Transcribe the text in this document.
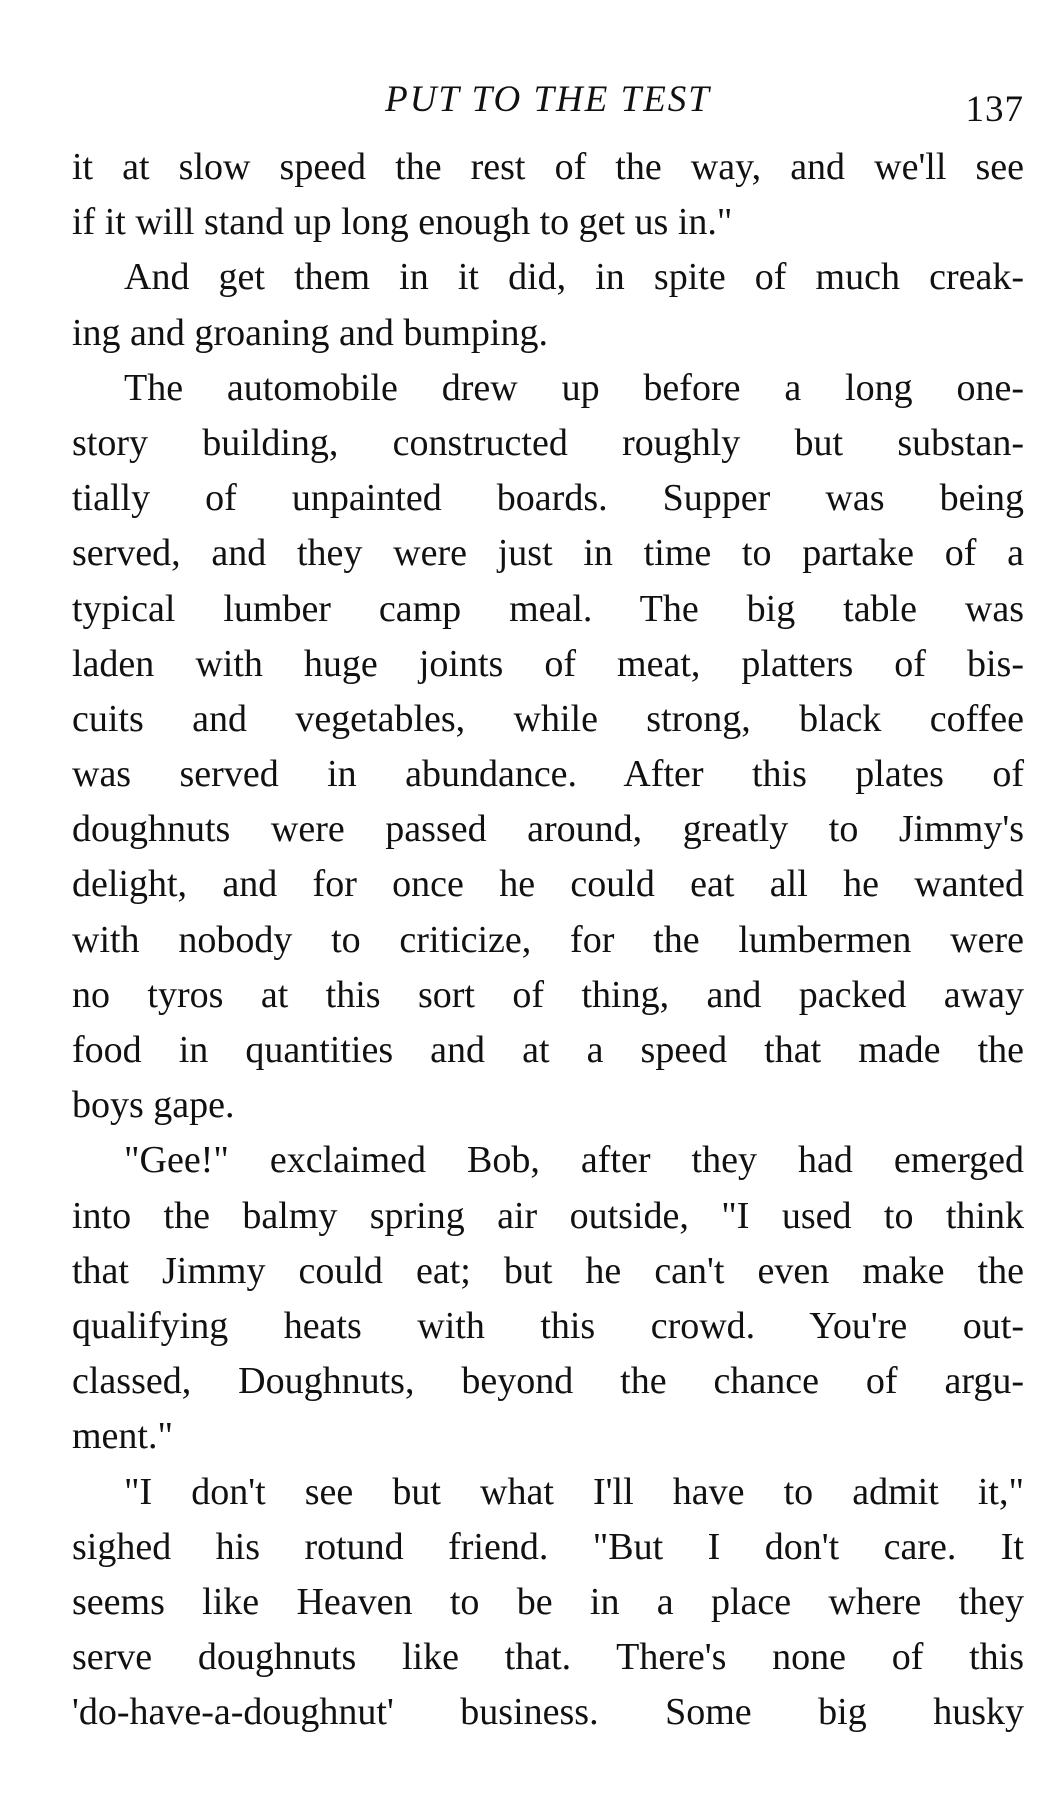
PUT TO THE TEST	137

it at slow speed the rest of the way, and we'll see
if it will stand up long enough to get us in."

And get them in it did, in spite of much creak-
ing and groaning and bumping.

The automobile drew up before a long one-
story building, constructed roughly but substan-
tially of unpainted boards. Supper was being
served, and they were just in time to partake of a
typical lumber camp meal. The big table was
laden with huge joints of meat, platters of bis-
cuits and vegetables, while strong, black coffee
was served in abundance. After this plates of
doughnuts were passed around, greatly to Jimmy's
delight, and for once he could eat all he wanted
with nobody to criticize, for the lumbermen were
no tyros at this sort of thing, and packed away
food in quantities and at a speed that made the
boys gape.

"Gee!" exclaimed Bob, after they had emerged
into the balmy spring air outside, "I used to think
that Jimmy could eat; but he can't even make the
qualifying heats with this crowd. You're out-
classed, Doughnuts, beyond the chance of argu-
ment."

"I don't see but what I'll have to admit it,"
sighed his rotund friend. "But I don't care. It
seems like Heaven to be in a place where they
serve doughnuts like that. There's none of this
'do-have-a-doughnut' business. Some big husky
